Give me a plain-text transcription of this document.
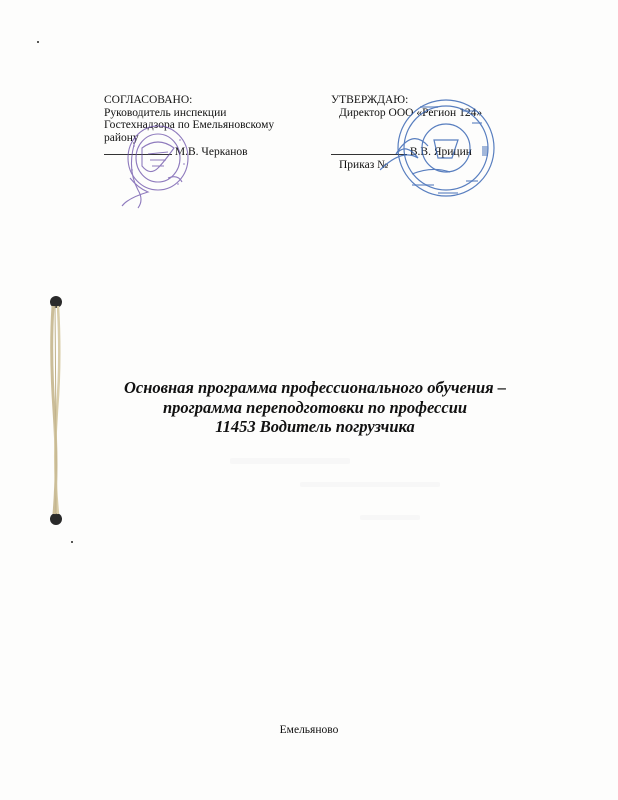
СОГЛАСОВАНО:
Руководитель инспекции
Гостехнадзора по Емельяновскому
району
М.В. Черканов
УТВЕРЖДАЮ:
Директор ООО «Регион 124»
В.В. Ярицин
Приказ №
Основная программа профессионального обучения –
программа переподготовки по профессии
11453 Водитель погрузчика
Емельяново
